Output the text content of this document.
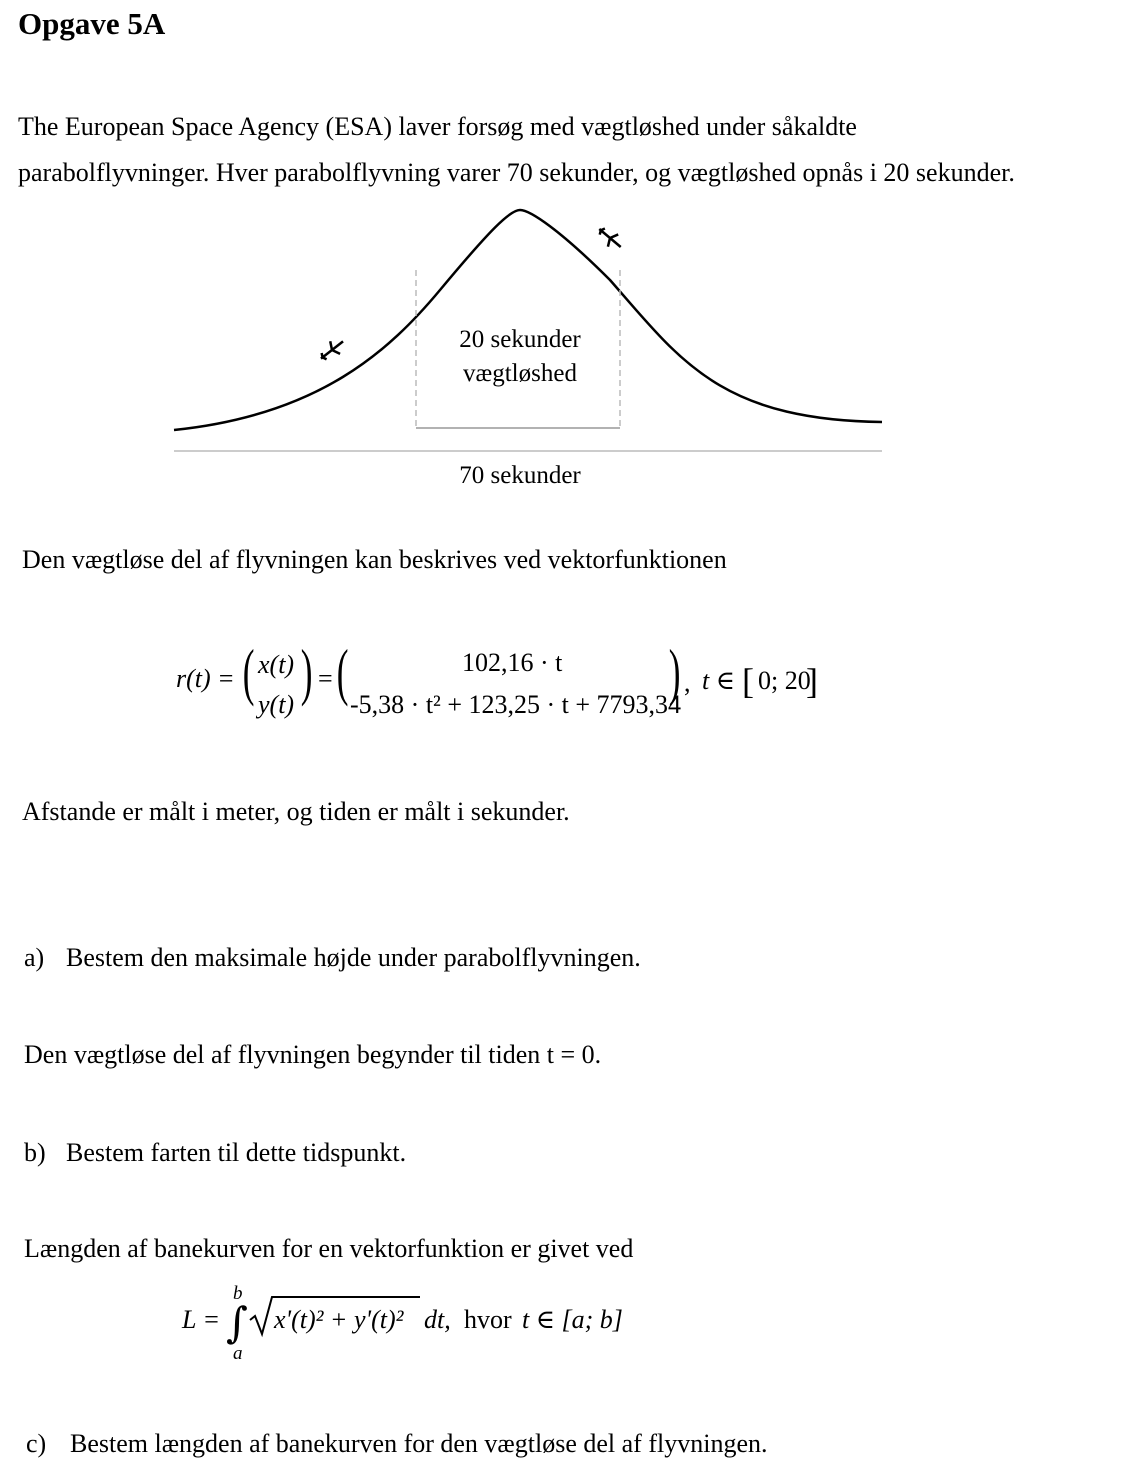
Opgave 5A
The European Space Agency (ESA) laver forsøg med vægtløshed under såkaldte
parabolflyvninger. Hver parabolflyvning varer 70 sekunder, og vægtløshed opnås i 20 sekunder.
20 sekunder
vægtløshed
70 sekunder
Den vægtløse del af flyvningen kan beskrives ved vektorfunktionen
r(t) = ( x(t)
y(t) ) = (	102,16 · t
-5,38 · t² + 123,25 · t + 7793,34
) , t ∈ [ 0; 20
]
Afstande er målt i meter, og tiden er målt i sekunder.
a) Bestem den maksimale højde under parabolflyvningen.
Den vægtløse del af flyvningen begynder til tiden t = 0.
b) Bestem farten til dette tidspunkt.
Længden af banekurven for en vektorfunktion er givet ved
L =
b
∫
a
x'(t)² + y'(t)² dt, hvor t ∈ [a; b]
c) Bestem længden af banekurven for den vægtløse del af flyvningen.
